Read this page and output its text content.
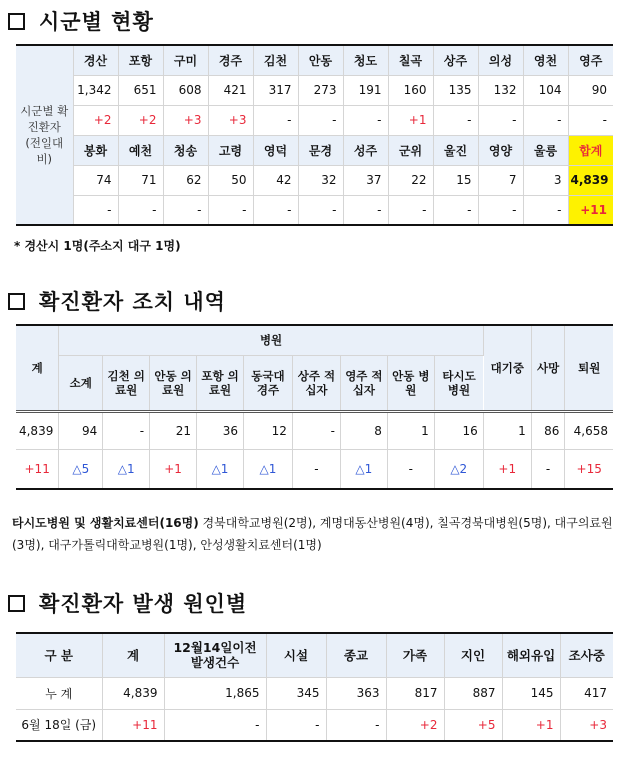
시군별 현황
시군별 확진환자 (전일대비)	경산	포항	구미	경주	김천	안동	청도	칠곡	상주	의성	영천	영주
	1,342	651	608	421	317	273	191	160	135	132	104	90
	+2	+2	+3	+3	-	-	-	+1	-	-	-	-
	봉화	예천	청송	고령	영덕	문경	성주	군위	울진	영양	울릉	합계
	74	71	62	50	42	32	37	22	15	7	3	4,839
	-	-	-	-	-	-	-	-	-	-	-	+11
* 경산시 1명(주소지 대구 1명)
확진환자 조치 내역
계	병원									대기중	사망	퇴원
	소계	김천 의료원	안동 의료원	포항 의료원	동국대 경주	상주 적십자	영주 적십자	안동 병원	타시도 병원			
4,839	94	-	21	36	12	-	8	1	16	1	86	4,658
+11	△5	△1	+1	△1	△1	-	△1	-	△2	+1	-	+15
타시도병원 및 생활치료센터(16명) 경북대학교병원(2명), 계명대동산병원(4명), 칠곡경북대병원(5명), 대구의료원(3명), 대구가톨릭대학교병원(1명), 안성생활치료센터(1명)
확진환자 발생 원인별
구 분	계	12월14일이전 발생건수	시설	종교	가족	지인	해외유입	조사중
누 계	4,839	1,865	345	363	817	887	145	417
6월 18일 (금)	+11	-	-	-	+2	+5	+1	+3
